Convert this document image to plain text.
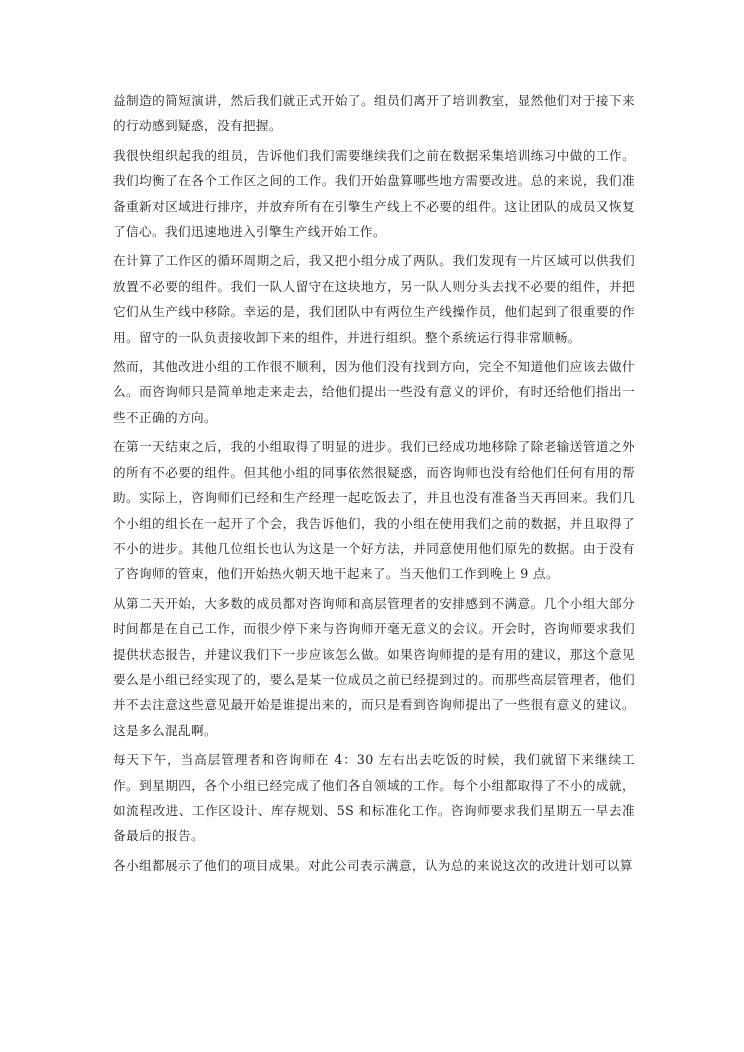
益制造的简短演讲，然后我们就正式开始了。组员们离开了培训教室，显然他们对于接下来的行动感到疑惑，没有把握。

我很快组织起我的组员，告诉他们我们需要继续我们之前在数据采集培训练习中做的工作。我们均衡了在各个工作区之间的工作。我们开始盘算哪些地方需要改进。总的来说，我们准备重新对区域进行排序，并放弃所有在引擎生产线上不必要的组件。这让团队的成员又恢复了信心。我们迅速地进入引擎生产线开始工作。

在计算了工作区的循环周期之后，我又把小组分成了两队。我们发现有一片区域可以供我们放置不必要的组件。我们一队人留守在这块地方，另一队人则分头去找不必要的组件，并把它们从生产线中移除。幸运的是，我们团队中有两位生产线操作员，他们起到了很重要的作用。留守的一队负责接收卸下来的组件，并进行组织。整个系统运行得非常顺畅。

然而，其他改进小组的工作很不顺利，因为他们没有找到方向，完全不知道他们应该去做什么。而咨询师只是简单地走来走去，给他们提出一些没有意义的评价，有时还给他们指出一些不正确的方向。

在第一天结束之后，我的小组取得了明显的进步。我们已经成功地移除了除老输送管道之外的所有不必要的组件。但其他小组的同事依然很疑惑，而咨询师也没有给他们任何有用的帮助。实际上，咨询师们已经和生产经理一起吃饭去了，并且也没有准备当天再回来。我们几个小组的组长在一起开了个会，我告诉他们，我的小组在使用我们之前的数据，并且取得了不小的进步。其他几位组长也认为这是一个好方法，并同意使用他们原先的数据。由于没有了咨询师的管束，他们开始热火朝天地干起来了。当天他们工作到晚上 9 点。

从第二天开始，大多数的成员都对咨询师和高层管理者的安排感到不满意。几个小组大部分时间都是在自己工作，而很少停下来与咨询师开毫无意义的会议。开会时，咨询师要求我们提供状态报告，并建议我们下一步应该怎么做。如果咨询师提的是有用的建议，那这个意见要么是小组已经实现了的，要么是某一位成员之前已经提到过的。而那些高层管理者，他们并不去注意这些意见最开始是谁提出来的，而只是看到咨询师提出了一些很有意义的建议。这是多么混乱啊。

每天下午，当高层管理者和咨询师在 4：30 左右出去吃饭的时候，我们就留下来继续工作。到星期四，各个小组已经完成了他们各自领域的工作。每个小组都取得了不小的成就，如流程改进、工作区设计、库存规划、5S 和标准化工作。咨询师要求我们星期五一早去准备最后的报告。

各小组都展示了他们的项目成果。对此公司表示满意，认为总的来说这次的改进计划可以算
